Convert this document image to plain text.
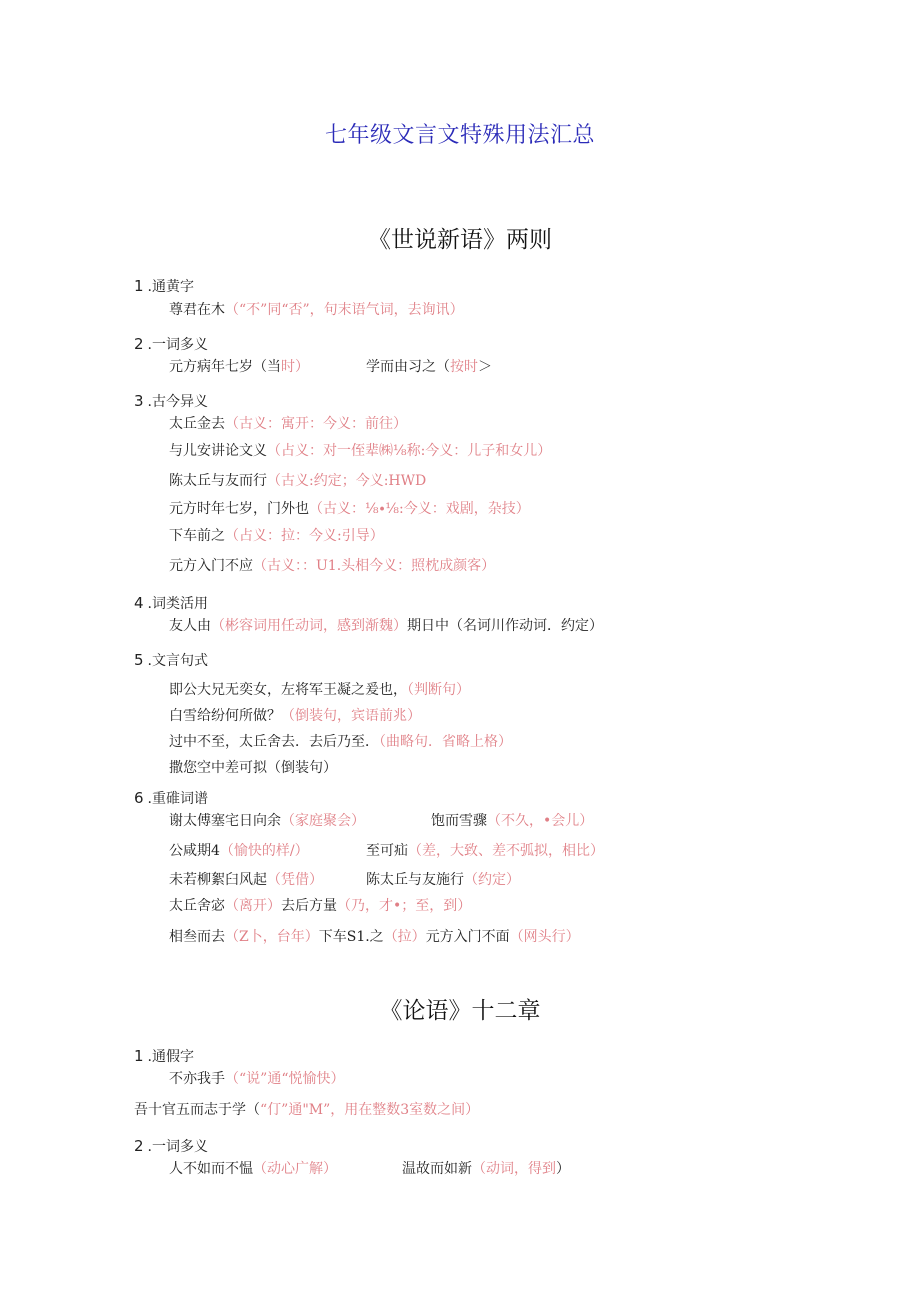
七年级文言文特殊用法汇总
《世说新语》两则
1 .通黄字
尊君在木（“不”同“否”，句末语气词，去询讯）
2 .一词多义
元方病年七岁（当时）	学而由习之（按时＞
3 .古今异义
太丘金去（古义：寓开：今义：前往）
与儿安讲论文义（占义：对一侄辈㈱⅛称:今义：儿子和女儿）
陈太丘与友而行（古义:约定；今义:HWD
元方时年七岁，门外也（古义：⅛∙⅛:今义：戏剧，杂技）
下车前之（占义：拉：今义:引导）
元方入门不应（古义：：U1.头相今义：照枕成颜客）
4 .词类活用
友人由（彬容词用任动词，感到渐魏）期日中（名诃川作动诃．约定）
5 .文言句式
即公大兄无奕女，左将军王凝之爰也，（判断句）
白雪给纷何所做？（倒装句，宾语前兆）
过中不至，太丘舍去．去后乃至．（曲略句．省略上格）
撒您空中差可拟（倒装句）
6 .重碓词谱
谢太傅塞宅日向余（家庭聚会）	饱而雪骤（不久，•会儿）
公咸期4（愉快的样/）	至可疝（差，大致、差不弧拟，相比）
未若柳絮臼风起（凭借）	陈太丘与友施行（约定）
太丘舍宓（离开）去后方量（乃，才•；至，到）
相叁而去（Z卜，台年）下车S1.之（拉）元方入门不面（网头行）
《论语》十二章
1 .通假字
不亦我手（“说”通“悦愉快）
吾十官五而志于学（“仃”通"M”，用在整数3室数之间）
2 .一词多义
人不如而不愠（动心广解）	温故而如新（动词，得到）
